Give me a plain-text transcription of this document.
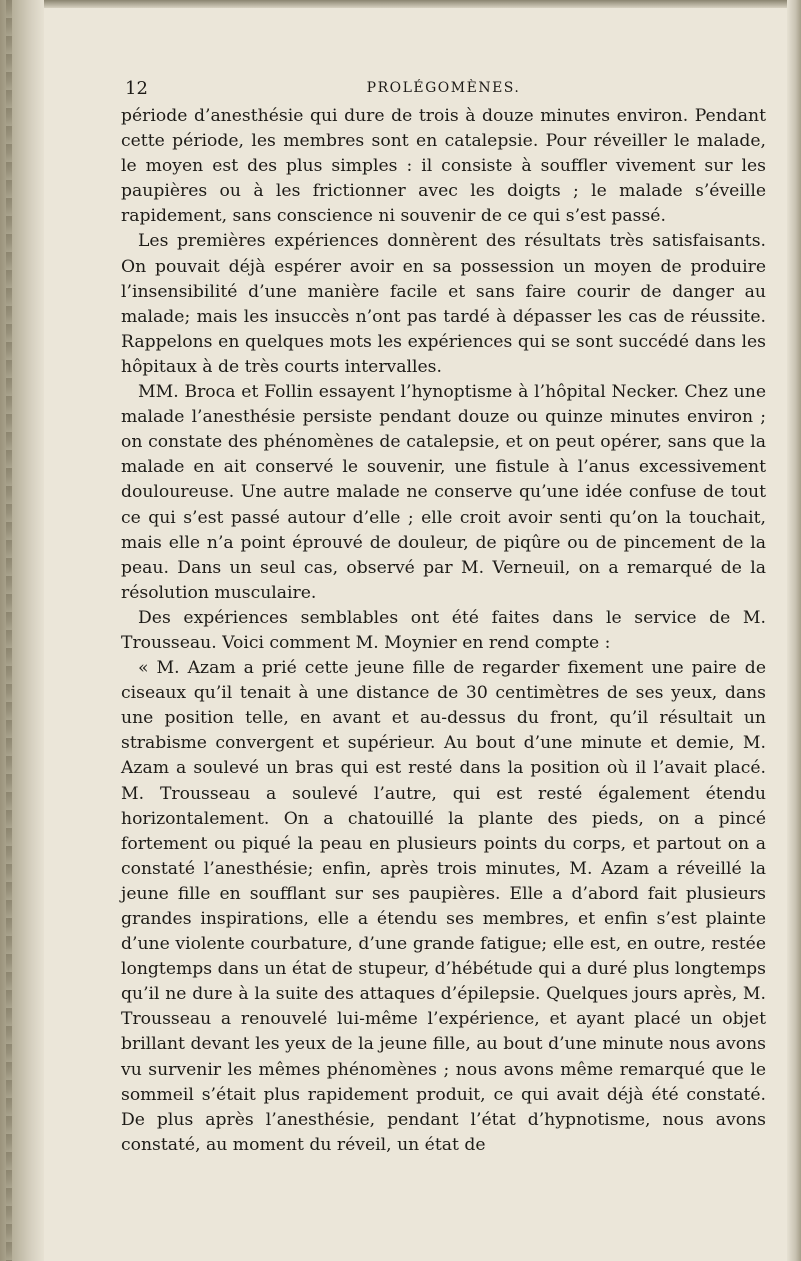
12	PROLÉGOMÈNES.

période d’anesthésie qui dure de trois à douze minutes environ. Pendant cette période, les membres sont en catalepsie. Pour réveiller le malade, le moyen est des plus simples : il consiste à souffler vivement sur les paupières ou à les frictionner avec les doigts ; le malade s’éveille rapidement, sans conscience ni souvenir de ce qui s’est passé.

Les premières expériences donnèrent des résultats très satisfaisants. On pouvait déjà espérer avoir en sa possession un moyen de produire l’insensibilité d’une manière facile et sans faire courir de danger au malade; mais les insuccès n’ont pas tardé à dépasser les cas de réussite. Rappelons en quelques mots les expériences qui se sont succédé dans les hôpitaux à de très courts intervalles.

MM. Broca et Follin essayent l’hynoptisme à l’hôpital Necker. Chez une malade l’anesthésie persiste pendant douze ou quinze minutes environ ; on constate des phénomènes de catalepsie, et on peut opérer, sans que la malade en ait conservé le souvenir, une fistule à l’anus excessivement douloureuse. Une autre malade ne conserve qu’une idée confuse de tout ce qui s’est passé autour d’elle ; elle croit avoir senti qu’on la touchait, mais elle n’a point éprouvé de douleur, de piqûre ou de pincement de la peau. Dans un seul cas, observé par M. Verneuil, on a remarqué de la résolution musculaire.

Des expériences semblables ont été faites dans le service de M. Trousseau. Voici comment M. Moynier en rend compte :

« M. Azam a prié cette jeune fille de regarder fixement une paire de ciseaux qu’il tenait à une distance de 30 centimètres de ses yeux, dans une position telle, en avant et au-dessus du front, qu’il résultait un strabisme convergent et supérieur. Au bout d’une minute et demie, M. Azam a soulevé un bras qui est resté dans la position où il l’avait placé. M. Trousseau a soulevé l’autre, qui est resté également étendu horizontalement. On a chatouillé la plante des pieds, on a pincé fortement ou piqué la peau en plusieurs points du corps, et partout on a constaté l’anesthésie; enfin, après trois minutes, M. Azam a réveillé la jeune fille en soufflant sur ses paupières. Elle a d’abord fait plusieurs grandes inspirations, elle a étendu ses membres, et enfin s’est plainte d’une violente courbature, d’une grande fatigue; elle est, en outre, restée longtemps dans un état de stupeur, d’hébétude qui a duré plus longtemps qu’il ne dure à la suite des attaques d’épilepsie. Quelques jours après, M. Trousseau a renouvelé lui-même l’expérience, et ayant placé un objet brillant devant les yeux de la jeune fille, au bout d’une minute nous avons vu survenir les mêmes phénomènes ; nous avons même remarqué que le sommeil s’était plus rapidement produit, ce qui avait déjà été constaté. De plus après l’anesthésie, pendant l’état d’hypnotisme, nous avons constaté, au moment du réveil, un état de
